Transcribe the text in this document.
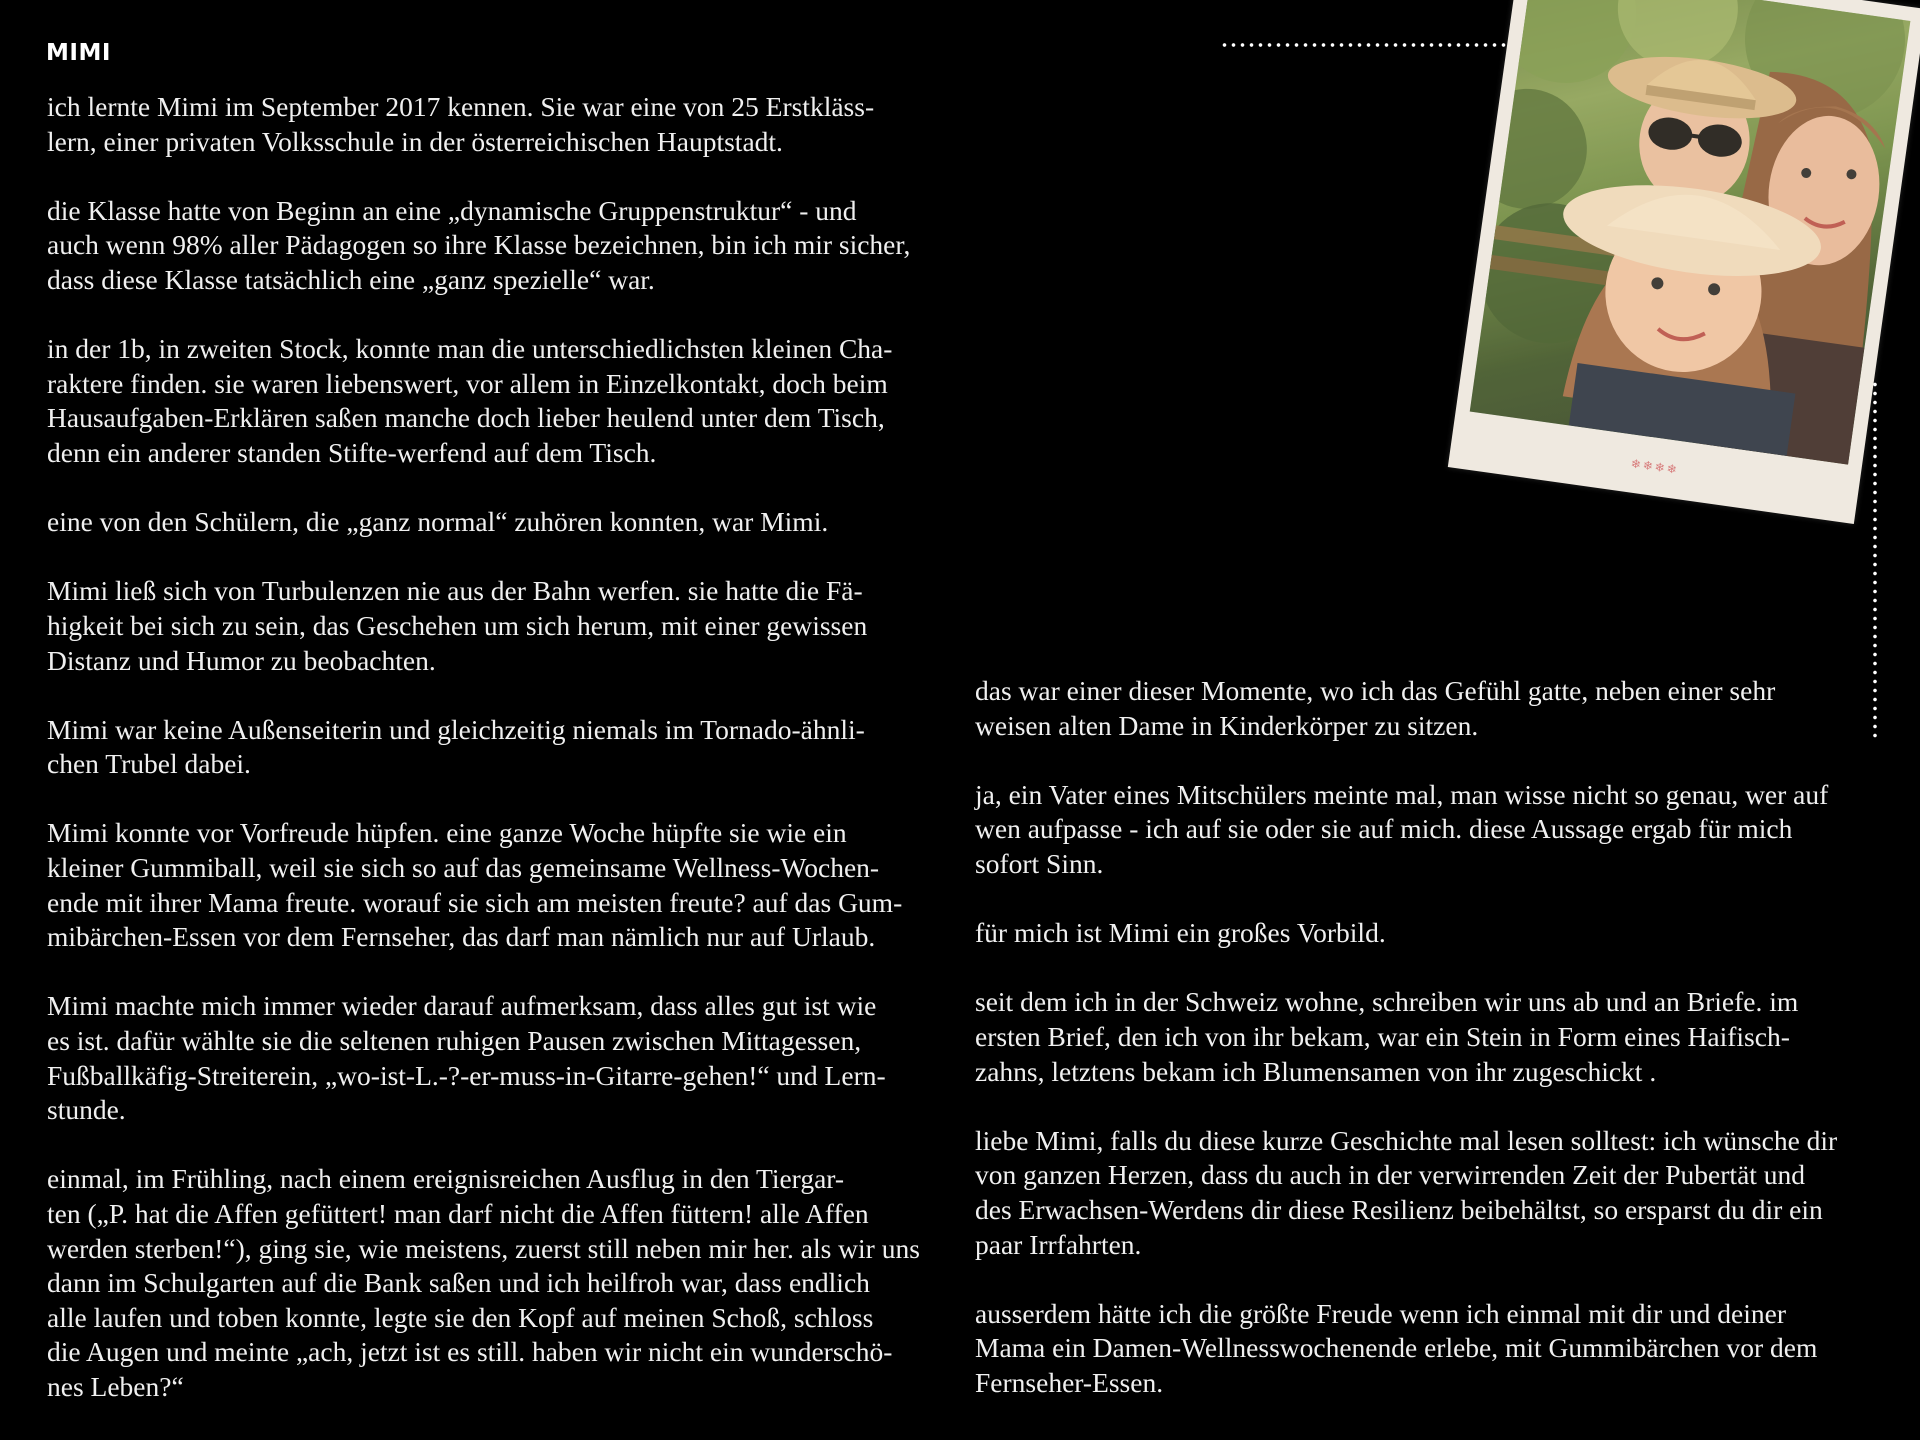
MIMI

ich lernte Mimi im September 2017 kennen. Sie war eine von 25 Erstkläss-
lern, einer privaten Volksschule in der österreichischen Hauptstadt.

die Klasse hatte von Beginn an eine „dynamische Gruppenstruktur“ - und
auch wenn 98% aller Pädagogen so ihre Klasse bezeichnen, bin ich mir sicher,
dass diese Klasse tatsächlich eine „ganz spezielle“ war.

in der 1b, in zweiten Stock, konnte man die unterschiedlichsten kleinen Cha-
raktere finden. sie waren liebenswert, vor allem in Einzelkontakt, doch beim
Hausaufgaben-Erklären saßen manche doch lieber heulend unter dem Tisch,
denn ein anderer standen Stifte-werfend auf dem Tisch.

eine von den Schülern, die „ganz normal“ zuhören konnten, war Mimi.

Mimi ließ sich von Turbulenzen nie aus der Bahn werfen. sie hatte die Fä-
higkeit bei sich zu sein, das Geschehen um sich herum, mit einer gewissen
Distanz und Humor zu beobachten.

Mimi war keine Außenseiterin und gleichzeitig niemals im Tornado-ähnli-
chen Trubel dabei.

Mimi konnte vor Vorfreude hüpfen. eine ganze Woche hüpfte sie wie ein
kleiner Gummiball, weil sie sich so auf das gemeinsame Wellness-Wochen-
ende mit ihrer Mama freute. worauf sie sich am meisten freute? auf das Gum-
mibärchen-Essen vor dem Fernseher, das darf man nämlich nur auf Urlaub.

Mimi machte mich immer wieder darauf aufmerksam, dass alles gut ist wie
es ist. dafür wählte sie die seltenen ruhigen Pausen zwischen Mittagessen,
Fußballkäfig-Streiterein, „wo-ist-L.-?-er-muss-in-Gitarre-gehen!“ und Lern-
stunde.

einmal, im Frühling, nach einem ereignisreichen Ausflug in den Tiergar-
ten („P. hat die Affen gefüttert! man darf nicht die Affen füttern! alle Affen
werden sterben!“), ging sie, wie meistens, zuerst still neben mir her. als wir uns
dann im Schulgarten auf die Bank saßen und ich heilfroh war, dass endlich
alle laufen und toben konnte, legte sie den Kopf auf meinen Schoß, schloss
die Augen und meinte „ach, jetzt ist es still. haben wir nicht ein wunderschö-
nes Leben?“

das war einer dieser Momente, wo ich das Gefühl gatte, neben einer sehr
weisen alten Dame in Kinderkörper zu sitzen.

ja, ein Vater eines Mitschülers meinte mal, man wisse nicht so genau, wer auf
wen aufpasse - ich auf sie oder sie auf mich. diese Aussage ergab für mich
sofort Sinn.

für mich ist Mimi ein großes Vorbild.

seit dem ich in der Schweiz wohne, schreiben wir uns ab und an Briefe. im
ersten Brief, den ich von ihr bekam, war ein Stein in Form eines Haifisch-
zahns, letztens bekam ich Blumensamen von ihr zugeschickt .

liebe Mimi, falls du diese kurze Geschichte mal lesen solltest: ich wünsche dir
von ganzen Herzen, dass du auch in der verwirrenden Zeit der Pubertät und
des Erwachsen-Werdens dir diese Resilienz beibehältst, so ersparst du dir ein
paar Irrfahrten.

ausserdem hätte ich die größte Freude wenn ich einmal mit dir und deiner
Mama ein Damen-Wellnesswochenende erlebe, mit Gummibärchen vor dem
Fernseher-Essen.

❄❄❄❄
